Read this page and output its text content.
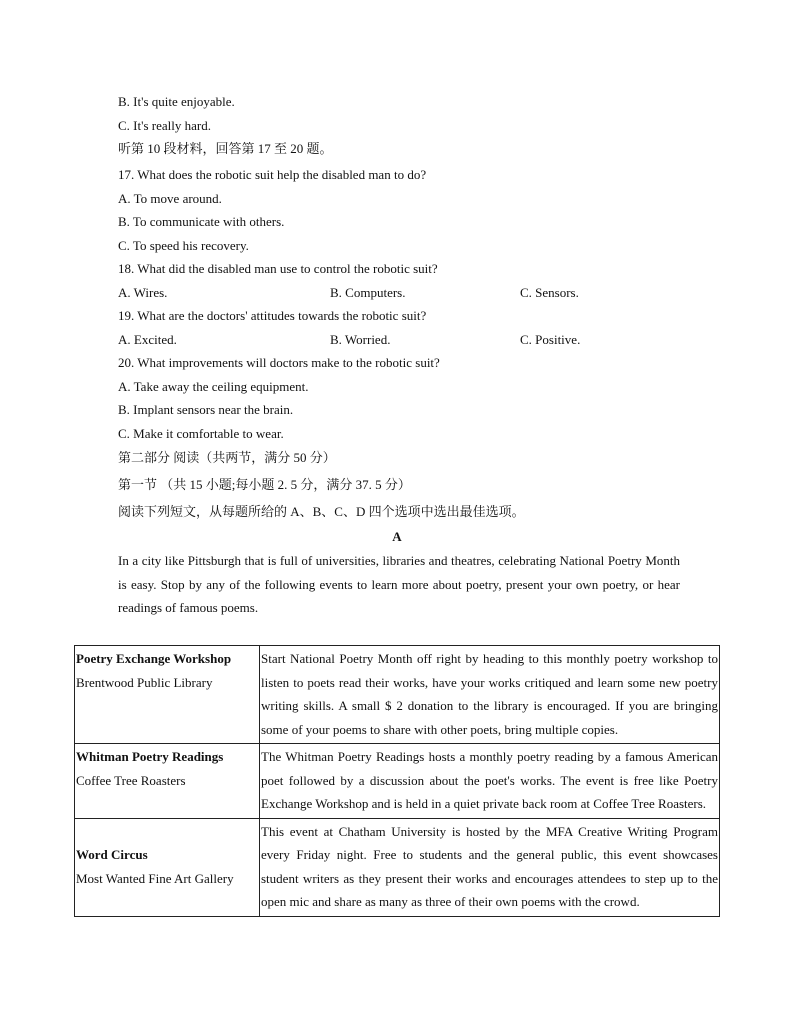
B. It's quite enjoyable.
C. It's really hard.
听第 10 段材料，回答第 17 至 20 题。
17. What does the robotic suit help the disabled man to do?
A. To move around.
B. To communicate with others.
C. To speed his recovery.
18. What did the disabled man use to control the robotic suit?
A. Wires.	B. Computers.	C. Sensors.
19. What are the doctors' attitudes towards the robotic suit?
A. Excited.	B. Worried.	C. Positive.
20. What improvements will doctors make to the robotic suit?
A. Take away the ceiling equipment.
B. Implant sensors near the brain.
C. Make it comfortable to wear.
第二部分 阅读（共两节，满分 50 分）
第一节 （共 15 小题;每小题 2. 5 分，满分 37. 5 分）
阅读下列短文，从每题所给的 A、B、C、D 四个选项中选出最佳选项。
A
In a city like Pittsburgh that is full of universities, libraries and theatres, celebrating National Poetry Month is easy. Stop by any of the following events to learn more about poetry, present your own poetry, or hear readings of famous poems.
Poetry Exchange Workshop
Brentwood Public Library	Start National Poetry Month off right by heading to this monthly poetry workshop to listen to poets read their works, have your works critiqued and learn some new poetry writing skills. A small $ 2 donation to the library is encouraged. If you are bringing some of your poems to share with other poets, bring multiple copies.

Whitman Poetry Readings
Coffee Tree Roasters	The Whitman Poetry Readings hosts a monthly poetry reading by a famous American poet followed by a discussion about the poet's works. The event is free like Poetry Exchange Workshop and is held in a quiet private back room at Coffee Tree Roasters.

Word Circus
Most Wanted Fine Art Gallery	This event at Chatham University is hosted by the MFA Creative Writing Program every Friday night. Free to students and the general public, this event showcases student writers as they present their works and encourages attendees to step up to the open mic and share as many as three of their own poems with the crowd.
